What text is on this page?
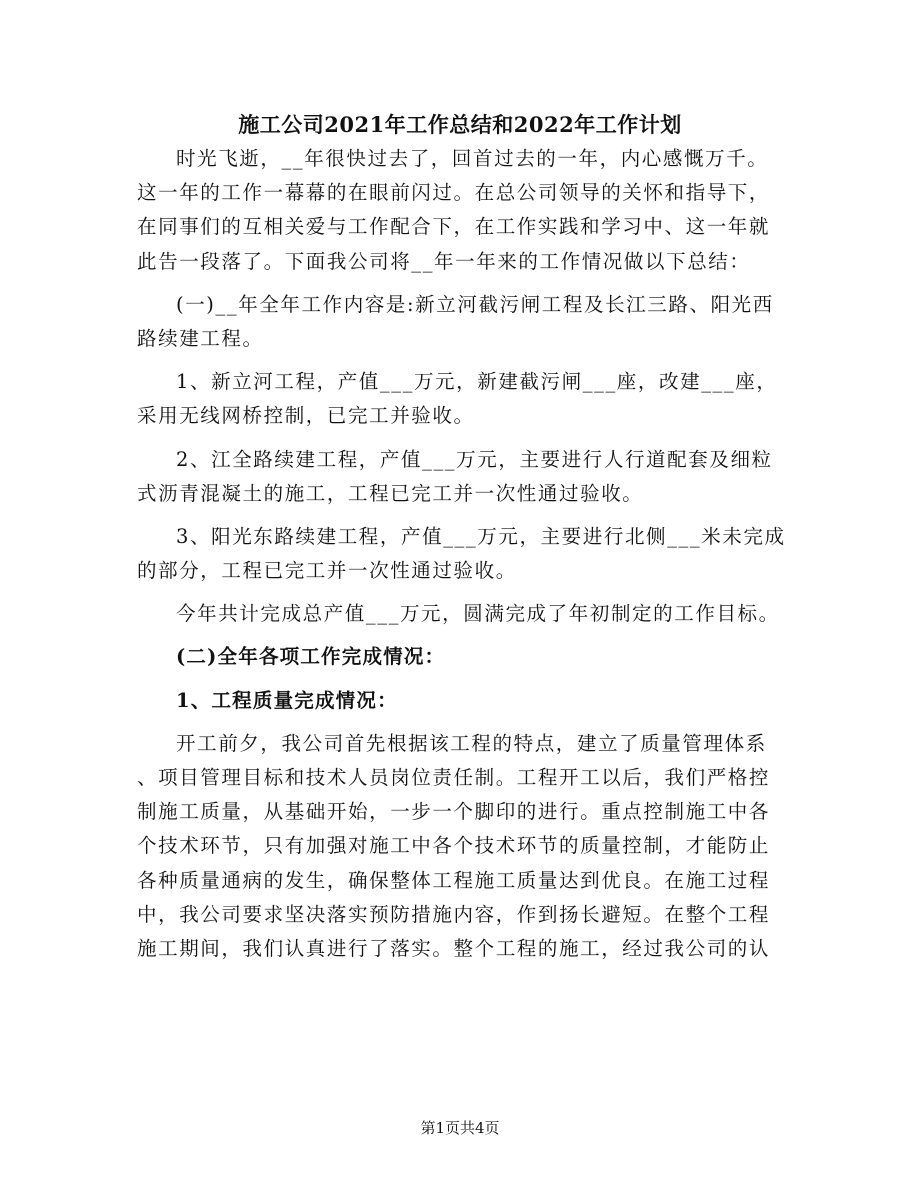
施工公司2021年工作总结和2022年工作计划
时光飞逝，__年很快过去了，回首过去的一年，内心感慨万千。
这一年的工作一幕幕的在眼前闪过。在总公司领导的关怀和指导下，
在同事们的互相关爱与工作配合下，在工作实践和学习中、这一年就
此告一段落了。下面我公司将__年一年来的工作情况做以下总结：
(一)__年全年工作内容是:新立河截污闸工程及长江三路、阳光西
路续建工程。
1、新立河工程，产值___万元，新建截污闸___座，改建___座，
采用无线网桥控制，已完工并验收。
2、江全路续建工程，产值___万元，主要进行人行道配套及细粒
式沥青混凝土的施工，工程已完工并一次性通过验收。
3、阳光东路续建工程，产值___万元，主要进行北侧___米未完成
的部分，工程已完工并一次性通过验收。
今年共计完成总产值___万元，圆满完成了年初制定的工作目标。
(二)全年各项工作完成情况：
1、工程质量完成情况：
开工前夕，我公司首先根据该工程的特点，建立了质量管理体系
、项目管理目标和技术人员岗位责任制。工程开工以后，我们严格控
制施工质量，从基础开始，一步一个脚印的进行。重点控制施工中各
个技术环节，只有加强对施工中各个技术环节的质量控制，才能防止
各种质量通病的发生，确保整体工程施工质量达到优良。在施工过程
中，我公司要求坚决落实预防措施内容，作到扬长避短。在整个工程
施工期间，我们认真进行了落实。整个工程的施工，经过我公司的认
第1页共4页
